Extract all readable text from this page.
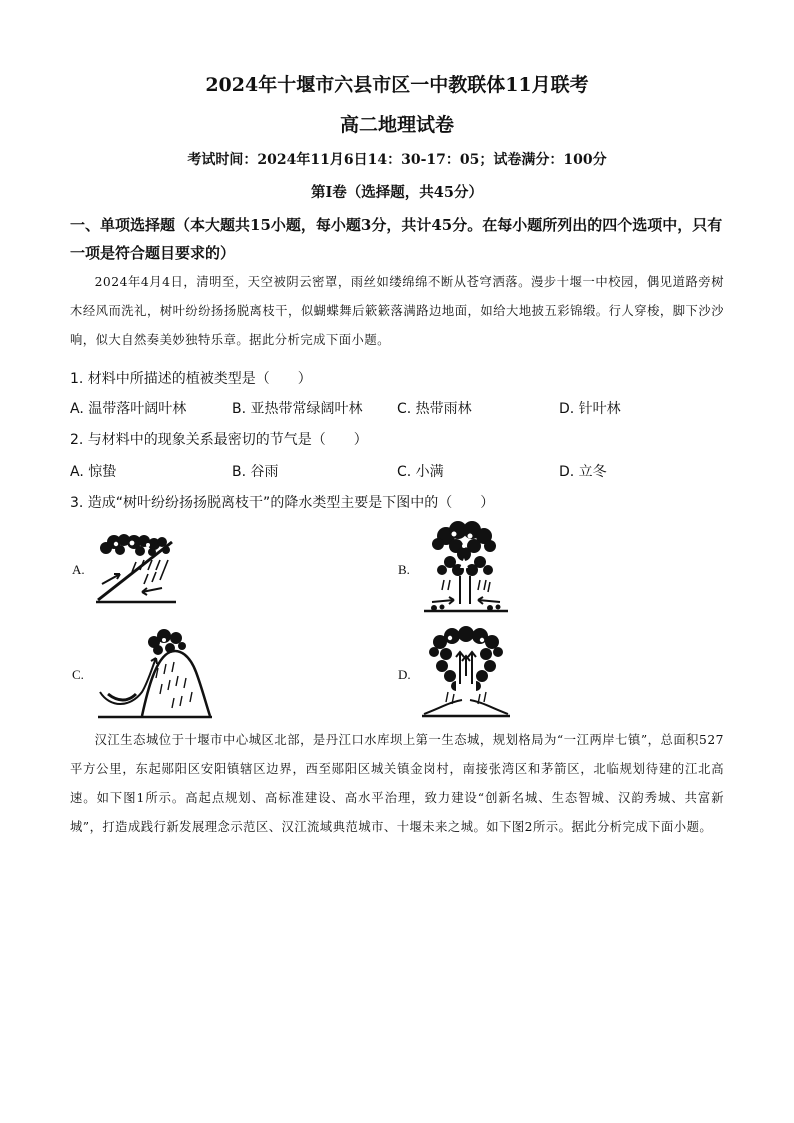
2024年十堰市六县市区一中教联体11月联考
高二地理试卷
考试时间：2024年11月6日14：30-17：05；试卷满分：100分
第Ⅰ卷（选择题，共45分）
一、单项选择题（本大题共15小题，每小题3分，共计45分。在每小题所列出的四个选项中，只有一项是符合题目要求的）
2024年4月4日，清明至，天空被阴云密罩，雨丝如缕绵绵不断从苍穹洒落。漫步十堰一中校园，偶见道路旁树木经风而洗礼，树叶纷纷扬扬脱离枝干，似蝴蝶舞后簌簌落满路边地面，如给大地披五彩锦缎。行人穿梭，脚下沙沙响，似大自然奏美妙独特乐章。据此分析完成下面小题。
1. 材料中所描述的植被类型是（　　）
A. 温带落叶阔叶林	B. 亚热带常绿阔叶林 C. 热带雨林	D. 针叶林
2. 与材料中的现象关系最密切的节气是（　　）
A. 惊蛰	B. 谷雨	C. 小满	D. 立冬
3. 造成“树叶纷纷扬扬脱离枝干”的降水类型主要是下图中的（　　）
A.	B.
C.	D.
汉江生态城位于十堰市中心城区北部，是丹江口水库坝上第一生态城，规划格局为“一江两岸七镇”，总面积527平方公里，东起郧阳区安阳镇辖区边界，西至郧阳区城关镇金岗村，南接张湾区和茅箭区，北临规划待建的江北高速。如下图1所示。高起点规划、高标准建设、高水平治理，致力建设“创新名城、生态智城、汉韵秀城、共富新城”，打造成践行新发展理念示范区、汉江流域典范城市、十堰未来之城。如下图2所示。据此分析完成下面小题。
